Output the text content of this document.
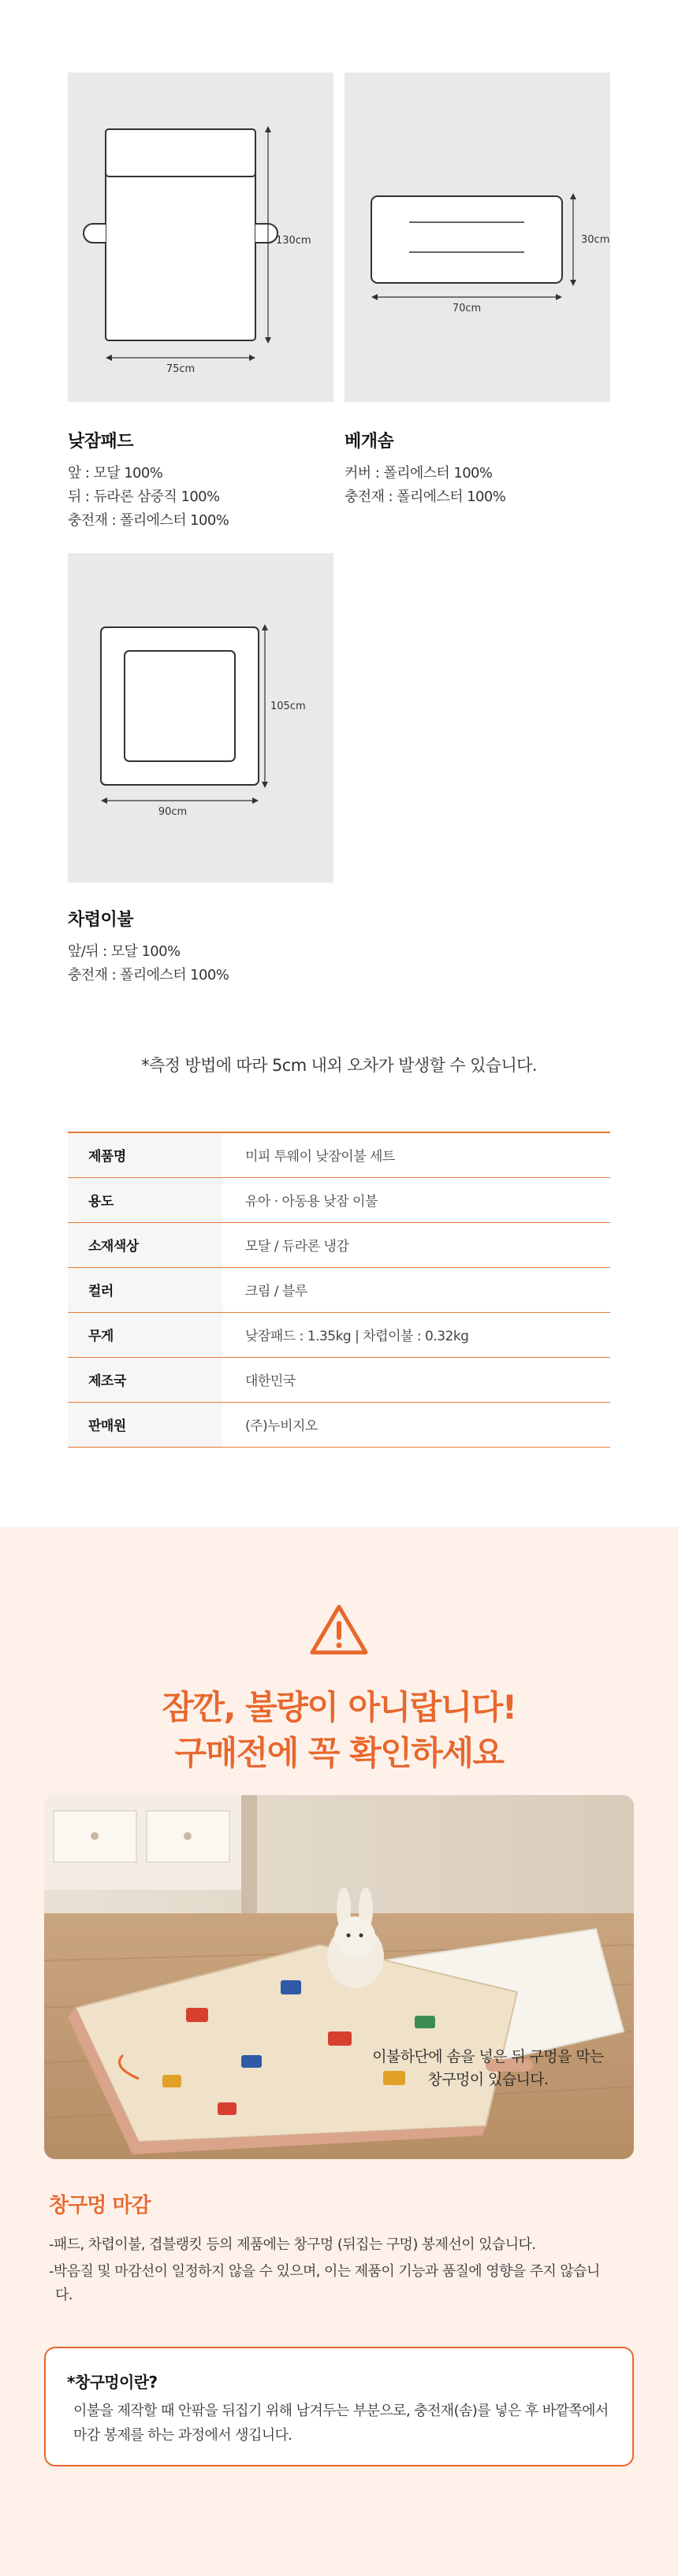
75cm
130cm
70cm
30cm
낮잠패드
앞 : 모달 100%
뒤 : 듀라론 삼중직 100%
충전재 : 폴리에스터 100%
베개솜
커버 : 폴리에스터 100%
충전재 : 폴리에스터 100%
90cm
105cm
차렵이불
앞/뒤 : 모달 100%
충전재 : 폴리에스터 100%
*측정 방법에 따라 5cm 내외 오차가 발생할 수 있습니다.
제품명	미피 투웨이 낮잠이불 세트
용도	유아 · 아동용 낮잠 이불
소재색상	모달 / 듀라론 냉감
컬러	크림 / 블루
무게	낮잠패드 : 1.35kg | 차렵이불 : 0.32kg
제조국	대한민국
판매원	(주)누비지오
잠깐, 불량이 아니랍니다!
구매전에 꼭 확인하세요
이불하단에 솜을 넣은 뒤 구멍을 막는
창구멍이 있습니다.
창구멍 마감
-패드, 차렵이불, 겹블랭킷 등의 제품에는 창구멍 (뒤집는 구멍) 봉제선이 있습니다.
-박음질 및 마감선이 일정하지 않을 수 있으며, 이는 제품이 기능과 품질에 영향을 주지 않습니다.
*창구멍이란?
이불을 제작할 때 안팎을 뒤집기 위해 남겨두는 부분으로, 충전재(솜)를 넣은 후 바깥쪽에서 마감 봉제를 하는 과정에서 생깁니다.
